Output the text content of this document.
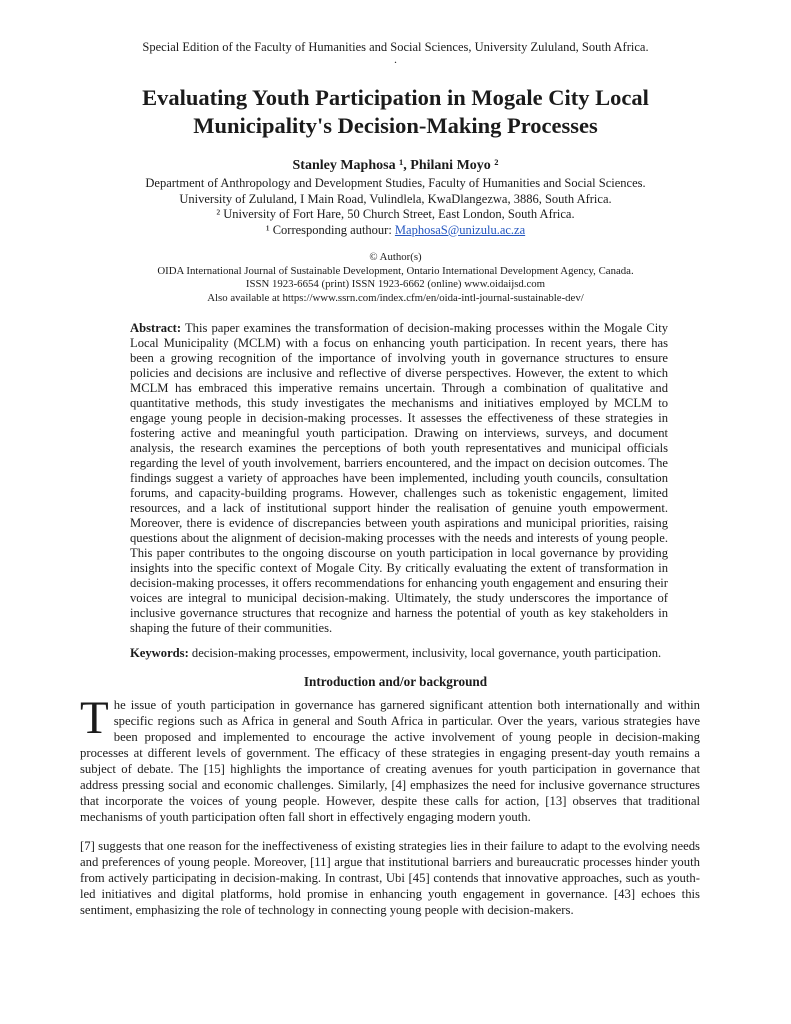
Special Edition of the Faculty of Humanities and Social Sciences, University Zululand, South Africa.
.
Evaluating Youth Participation in Mogale City Local
Municipality's Decision-Making Processes
Stanley Maphosa ¹, Philani Moyo ²
Department of Anthropology and Development Studies, Faculty of Humanities and Social Sciences.
University of Zululand, I Main Road, Vulindlela, KwaDlangezwa, 3886, South Africa.
² University of Fort Hare, 50 Church Street, East London, South Africa.
¹ Corresponding authour: MaphosaS@unizulu.ac.za
© Author(s)
OIDA International Journal of Sustainable Development, Ontario International Development Agency, Canada.
ISSN 1923-6654 (print) ISSN 1923-6662 (online) www.oidaijsd.com
Also available at https://www.ssrn.com/index.cfm/en/oida-intl-journal-sustainable-dev/
Abstract: This paper examines the transformation of decision-making processes within the Mogale City Local Municipality (MCLM) with a focus on enhancing youth participation. In recent years, there has been a growing recognition of the importance of involving youth in governance structures to ensure policies and decisions are inclusive and reflective of diverse perspectives. However, the extent to which MCLM has embraced this imperative remains uncertain. Through a combination of qualitative and quantitative methods, this study investigates the mechanisms and initiatives employed by MCLM to engage young people in decision-making processes. It assesses the effectiveness of these strategies in fostering active and meaningful youth participation. Drawing on interviews, surveys, and document analysis, the research examines the perceptions of both youth representatives and municipal officials regarding the level of youth involvement, barriers encountered, and the impact on decision outcomes. The findings suggest a variety of approaches have been implemented, including youth councils, consultation forums, and capacity-building programs. However, challenges such as tokenistic engagement, limited resources, and a lack of institutional support hinder the realisation of genuine youth empowerment. Moreover, there is evidence of discrepancies between youth aspirations and municipal priorities, raising questions about the alignment of decision-making processes with the needs and interests of young people. This paper contributes to the ongoing discourse on youth participation in local governance by providing insights into the specific context of Mogale City. By critically evaluating the extent of transformation in decision-making processes, it offers recommendations for enhancing youth engagement and ensuring their voices are integral to municipal decision-making. Ultimately, the study underscores the importance of inclusive governance structures that recognize and harness the potential of youth as key stakeholders in shaping the future of their communities.
Keywords: decision-making processes, empowerment, inclusivity, local governance, youth participation.
Introduction and/or background

The issue of youth participation in governance has garnered significant attention both internationally and within specific regions such as Africa in general and South Africa in particular. Over the years, various strategies have been proposed and implemented to encourage the active involvement of young people in decision-making processes at different levels of government. The efficacy of these strategies in engaging present-day youth remains a subject of debate. The [15] highlights the importance of creating avenues for youth participation in governance that address pressing social and economic challenges. Similarly, [4] emphasizes the need for inclusive governance structures that incorporate the voices of young people. However, despite these calls for action, [13] observes that traditional mechanisms of youth participation often fall short in effectively engaging modern youth.

[7] suggests that one reason for the ineffectiveness of existing strategies lies in their failure to adapt to the evolving needs and preferences of young people. Moreover, [11] argue that institutional barriers and bureaucratic processes hinder youth from actively participating in decision-making. In contrast, Ubi [45] contends that innovative approaches, such as youth-led initiatives and digital platforms, hold promise in enhancing youth engagement in governance. [43] echoes this sentiment, emphasizing the role of technology in connecting young people with decision-makers.
